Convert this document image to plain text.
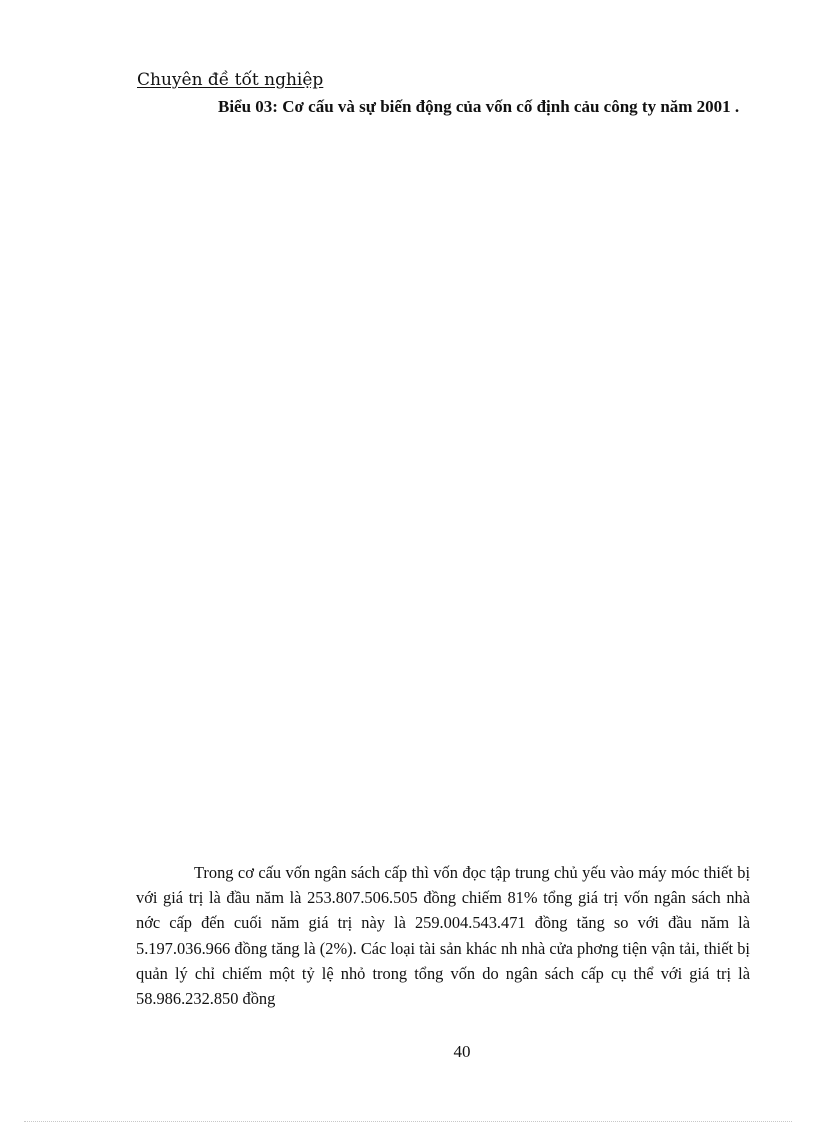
Chuyên đề tốt nghiệp
Biểu 03: Cơ cấu và sự biến động của vốn cố định cảu công ty năm 2001 .

Trong cơ cấu vốn ngân sách cấp thì vốn đọc tập trung chủ yếu vào máy móc thiết bị với giá trị là đầu năm là 253.807.506.505 đồng chiếm 81% tổng giá trị vốn ngân sách nhà nớc cấp đến cuối năm giá trị này là 259.004.543.471 đồng tăng so với đầu năm là 5.197.036.966 đồng tăng là (2%). Các loại tài sản khác nh nhà cửa phơng tiện vận tải, thiết bị quản lý chỉ chiếm một tỷ lệ nhỏ trong tổng vốn do ngân sách cấp cụ thể với giá trị là 58.986.232.850 đồng

40
